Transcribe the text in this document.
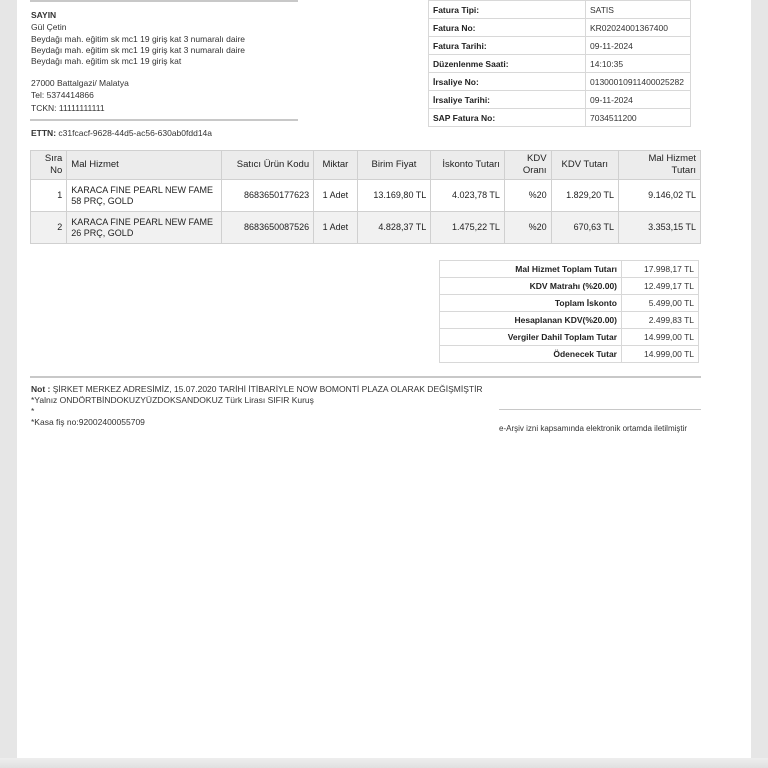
SAYIN
Gül Çetin
Beydağı mah. eğitim sk mc1 19 giriş kat 3 numaralı daire
Beydağı mah. eğitim sk mc1 19 giriş kat 3 numaralı daire
Beydağı mah. eğitim sk mc1 19 giriş kat
27000 Battalgazi/ Malatya
Tel: 5374414866
TCKN: 11111111111
ETTN: c31fcacf-9628-44d5-ac56-630ab0fdd14a
Fatura Tipi:	SATIS
Fatura No:	KR02024001367400
Fatura Tarihi:	09-11-2024
Düzenlenme Saati:	14:10:35
İrsaliye No:	01300010911400025282
İrsaliye Tarihi:	09-11-2024
SAP Fatura No:	7034511200
Sıra No	Mal Hizmet	Satıcı Ürün Kodu	Miktar	Birim Fiyat	İskonto Tutarı	KDV Oranı	KDV Tutarı	Mal Hizmet Tutarı
1	KARACA FINE PEARL NEW FAME 58 PRÇ, GOLD	8683650177623	1 Adet	13.169,80 TL	4.023,78 TL	%20	1.829,20 TL	9.146,02 TL
2	KARACA FINE PEARL NEW FAME 26 PRÇ, GOLD	8683650087526	1 Adet	4.828,37 TL	1.475,22 TL	%20	670,63 TL	3.353,15 TL
Mal Hizmet Toplam Tutarı	17.998,17 TL
KDV Matrahı (%20.00)	12.499,17 TL
Toplam İskonto	5.499,00 TL
Hesaplanan KDV(%20.00)	2.499,83 TL
Vergiler Dahil Toplam Tutar	14.999,00 TL
Ödenecek Tutar	14.999,00 TL
Not : ŞİRKET MERKEZ ADRESİMİZ, 15.07.2020 TARİHİ İTİBARİYLE NOW BOMONTİ PLAZA OLARAK DEĞİŞMİŞTİR
*Yalnız ONDÖRTBİNDOKUZYÜZDOKSANDOKUZ Türk Lirası SIFIR Kuruş
*
*Kasa fiş no:92002400055709
e-Arşiv izni kapsamında elektronik ortamda iletilmiştir
